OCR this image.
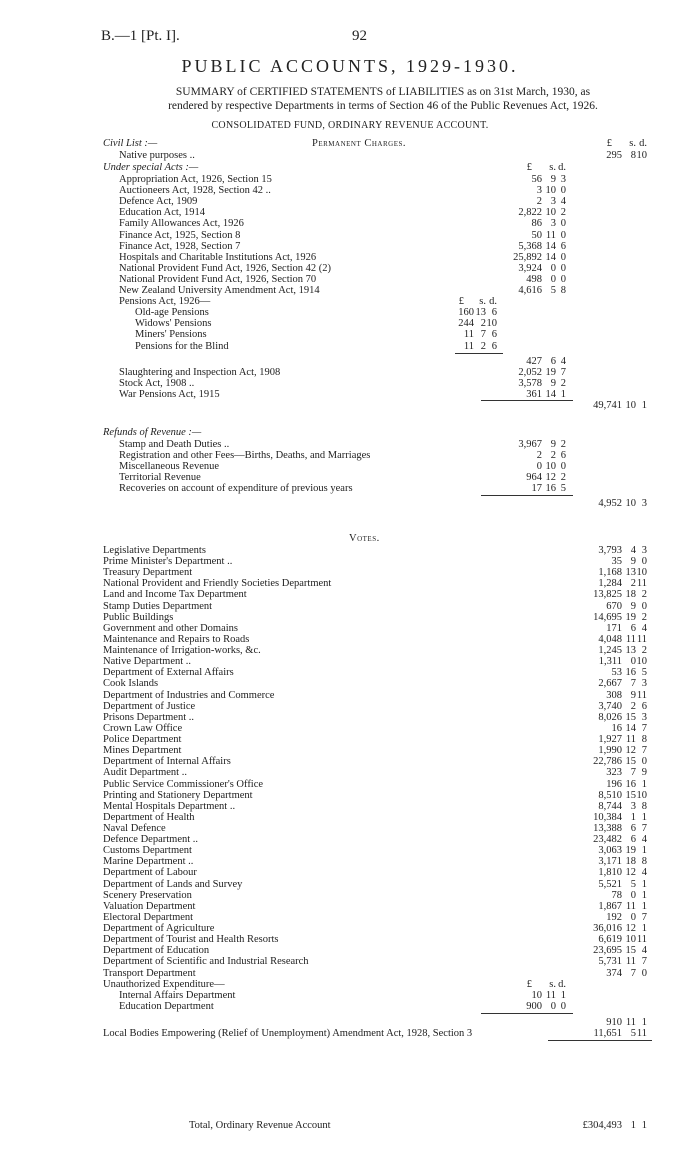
B.—1 [Pt. I].	92
PUBLIC ACCOUNTS, 1929-1930.
SUMMARY of CERTIFIED STATEMENTS of LIABILITIES as on 31st March, 1930, as
rendered by respective Departments in terms of Section 46 of the Public Revenues Act, 1926.
CONSOLIDATED FUND, ORDINARY REVENUE ACCOUNT.
Civil List :—	Permanent Charges.	£ s. d.
Native purposes ..	295 8 10
Under special Acts :—	£ s. d.
Appropriation Act, 1926, Section 15	56 9 3
Auctioneers Act, 1928, Section 42 ..	3 10 0
Defence Act, 1909	2 3 4
Education Act, 1914	2,822 10 2
Family Allowances Act, 1926	86 3 0
Finance Act, 1925, Section 8	50 11 0
Finance Act, 1928, Section 7	5,368 14 6
Hospitals and Charitable Institutions Act, 1926	25,892 14 0
National Provident Fund Act, 1926, Section 42 (2)	3,924 0 0
National Provident Fund Act, 1926, Section 70	498 0 0
New Zealand University Amendment Act, 1914	4,616 5 8
Pensions Act, 1926—	£ s. d.
Old-age Pensions	160 13 6
Widows' Pensions	244 2 10
Miners' Pensions	11 7 6
Pensions for the Blind	11 2 6
427 6 4
Slaughtering and Inspection Act, 1908	2,052 19 7
Stock Act, 1908 ..	3,578 9 2
War Pensions Act, 1915	361 14 1
49,741 10 1
Refunds of Revenue :—
Stamp and Death Duties ..	3,967 9 2
Registration and other Fees—Births, Deaths, and Marriages	2 2 6
Miscellaneous Revenue	0 10 0
Territorial Revenue	964 12 2
Recoveries on account of expenditure of previous years	17 16 5
4,952 10 3
Votes.
Legislative Departments	3,793 4 3
Prime Minister's Department ..	35 9 0
Treasury Department	1,168 13 10
National Provident and Friendly Societies Department	1,284 2 11
Land and Income Tax Department	13,825 18 2
Stamp Duties Department	670 9 0
Public Buildings	14,695 19 2
Government and other Domains	171 6 4
Maintenance and Repairs to Roads	4,048 11 11
Maintenance of Irrigation-works, &c.	1,245 13 2
Native Department ..	1,311 0 10
Department of External Affairs	53 16 5
Cook Islands	2,667 7 3
Department of Industries and Commerce	308 9 11
Department of Justice	3,740 2 6
Prisons Department ..	8,026 15 3
Crown Law Office	16 14 7
Police Department	1,927 11 8
Mines Department	1,990 12 7
Department of Internal Affairs	22,786 15 0
Audit Department ..	323 7 9
Public Service Commissioner's Office	196 16 1
Printing and Stationery Department	8,510 15 10
Mental Hospitals Department ..	8,744 3 8
Department of Health	10,384 1 1
Naval Defence	13,388 6 7
Defence Department ..	23,482 6 4
Customs Department	3,063 19 1
Marine Department ..	3,171 18 8
Department of Labour	1,810 12 4
Department of Lands and Survey	5,521 5 1
Scenery Preservation	78 0 1
Valuation Department	1,867 11 1
Electoral Department	192 0 7
Department of Agriculture	36,016 12 1
Department of Tourist and Health Resorts	6,619 10 11
Department of Education	23,695 15 4
Department of Scientific and Industrial Research	5,731 11 7
Transport Department	374 7 0
Unauthorized Expenditure—	£ s. d.
Internal Affairs Department	10 11 1
Education Department	900 0 0
910 11 1
Local Bodies Empowering (Relief of Unemployment) Amendment Act, 1928, Section 3	11,651 5 11
Total, Ordinary Revenue Account	£304,493 1 1
